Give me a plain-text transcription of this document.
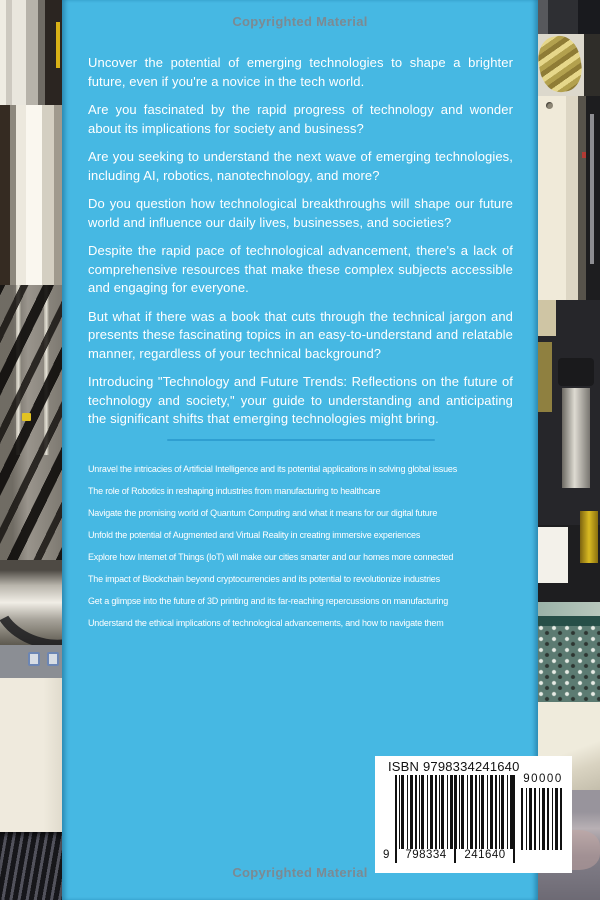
Copyrighted Material
Copyrighted Material

Uncover the potential of emerging technologies to shape a brighter future, even if you're a novice in the tech world.

Are you fascinated by the rapid progress of technology and wonder about its implications for society and business?

Are you seeking to understand the next wave of emerging technologies, including AI, robotics, nanotechnology, and more?

Do you question how technological breakthroughs will shape our future world and influence our daily lives, businesses, and societies?

Despite the rapid pace of technological advancement, there's a lack of comprehensive resources that make these complex subjects accessible and engaging for everyone.

But what if there was a book that cuts through the technical jargon and presents these fascinating topics in an easy-to-understand and relatable manner, regardless of your technical background?

Introducing "Technology and Future Trends: Reflections on the future of technology and society," your guide to understanding and anticipating the significant shifts that emerging technologies might bring.

Unravel the intricacies of Artificial Intelligence and its potential applications in solving global issues
The role of Robotics in reshaping industries from manufacturing to healthcare
Navigate the promising world of Quantum Computing and what it means for our digital future
Unfold the potential of Augmented and Virtual Reality in creating immersive experiences
Explore how Internet of Things (IoT) will make our cities smarter and our homes more connected
The impact of Blockchain beyond cryptocurrencies and its potential to revolutionize industries
Get a glimpse into the future of 3D printing and its far-reaching repercussions on manufacturing
Understand the ethical implications of technological advancements, and how to navigate them
ISBN 9798334241640
9	798334	241640
90000
